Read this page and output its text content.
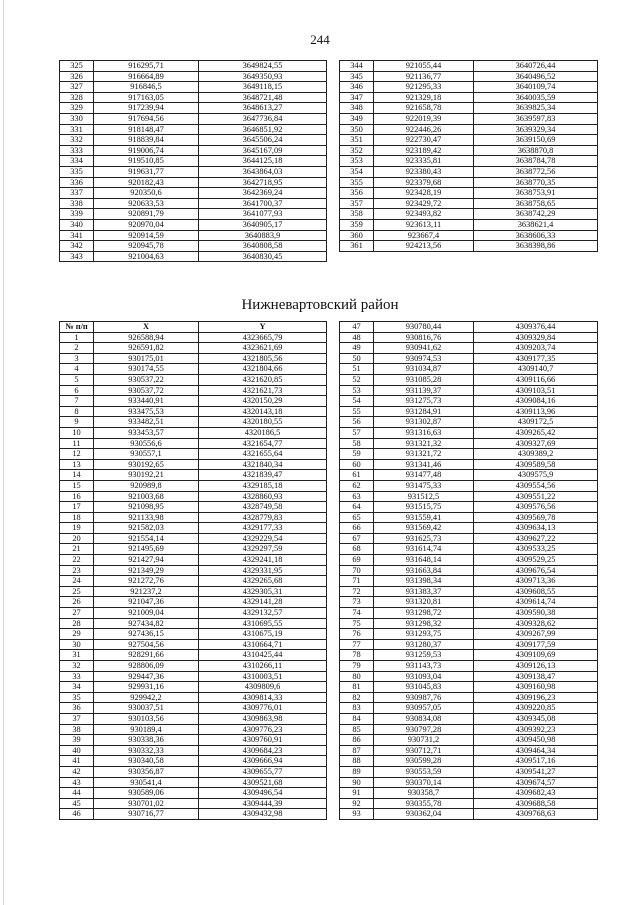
244
325	916295,71	3649824,55
326	916664,89	3649350,93
327	916846,5	3649118,15
328	917163,05	3648721,48
329	917239,94	3648613,27
330	917694,56	3647736,84
331	918148,47	3646851,92
332	918839,84	3645506,24
333	919006,74	3645167,09
334	919510,85	3644125,18
335	919631,77	3643864,03
336	920182,43	3642718,95
337	920350,6	3642369,24
338	920633,53	3641700,37
339	920891,79	3641077,93
340	920970,04	3640905,17
341	920914,59	3640883,9
342	920945,78	3640808,58
343	921004,63	3640830,45
344	921055,44	3640726,44
345	921136,77	3640496,52
346	921295,33	3640109,74
347	921329,18	3640035,59
348	921658,78	3639825,34
349	922019,39	3639597,83
350	922446,26	3639329,34
351	922730,47	3639150,69
352	923189,42	3638870,8
353	923335,81	3638784,78
354	923380,43	3638772,56
355	923379,68	3638770,35
356	923428,19	3638753,91
357	923429,72	3638758,65
358	923493,82	3638742,29
359	923613,11	3638621,4
360	923667,4	3638606,33
361	924213,56	3638398,86
Нижневартовский район
№ п/п	X	Y
1	926588,94	4323665,79
2	926591,82	4323621,69
3	930175,01	4321805,56
4	930174,55	4321804,66
5	930537,22	4321620,85
6	930537,72	4321621,73
7	933440,91	4320150,29
8	933475,53	4320143,18
9	933482,51	4320180,55
10	933453,57	4320186,5
11	930556,6	4321654,77
12	930557,1	4321655,64
13	930192,65	4321840,34
14	930192,21	4321839,47
15	920989,8	4329185,18
16	921003,68	4328860,93
17	921098,95	4328749,58
18	921133,98	4328779,83
19	921582,03	4329177,33
20	921554,14	4329229,54
21	921495,69	4329297,59
22	921427,94	4329241,18
23	921349,29	4329331,95
24	921272,76	4329265,68
25	921237,2	4329305,31
26	921047,36	4329141,28
27	921009,04	4329132,57
28	927434,82	4310695,55
29	927436,15	4310675,19
30	927504,56	4310664,71
31	928291,66	4310425,44
32	928806,09	4310266,11
33	929447,36	4310003,51
34	929931,16	4309809,6
35	929942,2	4309814,33
36	930037,51	4309776,01
37	930103,56	4309863,98
38	930189,4	4309776,23
39	930338,36	4309760,91
40	930332,33	4309684,23
41	930340,58	4309666,94
42	930356,87	4309655,77
43	930541,4	4309521,68
44	930589,06	4309496,54
45	930701,02	4309444,39
46	930716,77	4309432,98
47	930780,44	4309376,44
48	930816,76	4309329,84
49	930941,62	4309203,74
50	930974,53	4309177,35
51	931034,87	4309140,7
52	931085,28	4309116,66
53	931139,37	4309103,51
54	931275,73	4309084,16
55	931284,91	4309113,96
56	931302,87	4309172,5
57	931316,63	4309265,42
58	931321,32	4309327,69
59	931321,72	4309389,2
60	931341,46	4309589,58
61	931477,48	4309575,9
62	931475,33	4309554,56
63	931512,5	4309551,22
64	931515,75	4309576,56
65	931559,41	4309569,78
66	931569,42	4309634,13
67	931625,73	4309627,22
68	931614,74	4309533,25
69	931648,14	4309529,25
70	931663,84	4309676,54
71	931398,34	4309713,36
72	931383,37	4309608,55
73	931320,81	4309614,74
74	931298,72	4309590,38
75	931298,32	4309328,62
76	931293,75	4309267,99
77	931280,37	4309177,59
78	931259,53	4309109,69
79	931143,73	4309126,13
80	931093,04	4309138,47
81	931045,83	4309160,98
82	930987,76	4309196,23
83	930957,05	4309220,85
84	930834,08	4309345,08
85	930797,28	4309392,23
86	930731,2	4309450,98
87	930712,71	4309464,34
88	930599,28	4309517,16
89	930553,59	4309541,27
90	930370,14	4309674,57
91	930358,7	4309682,43
92	930355,78	4309688,58
93	930362,04	4309768,63
